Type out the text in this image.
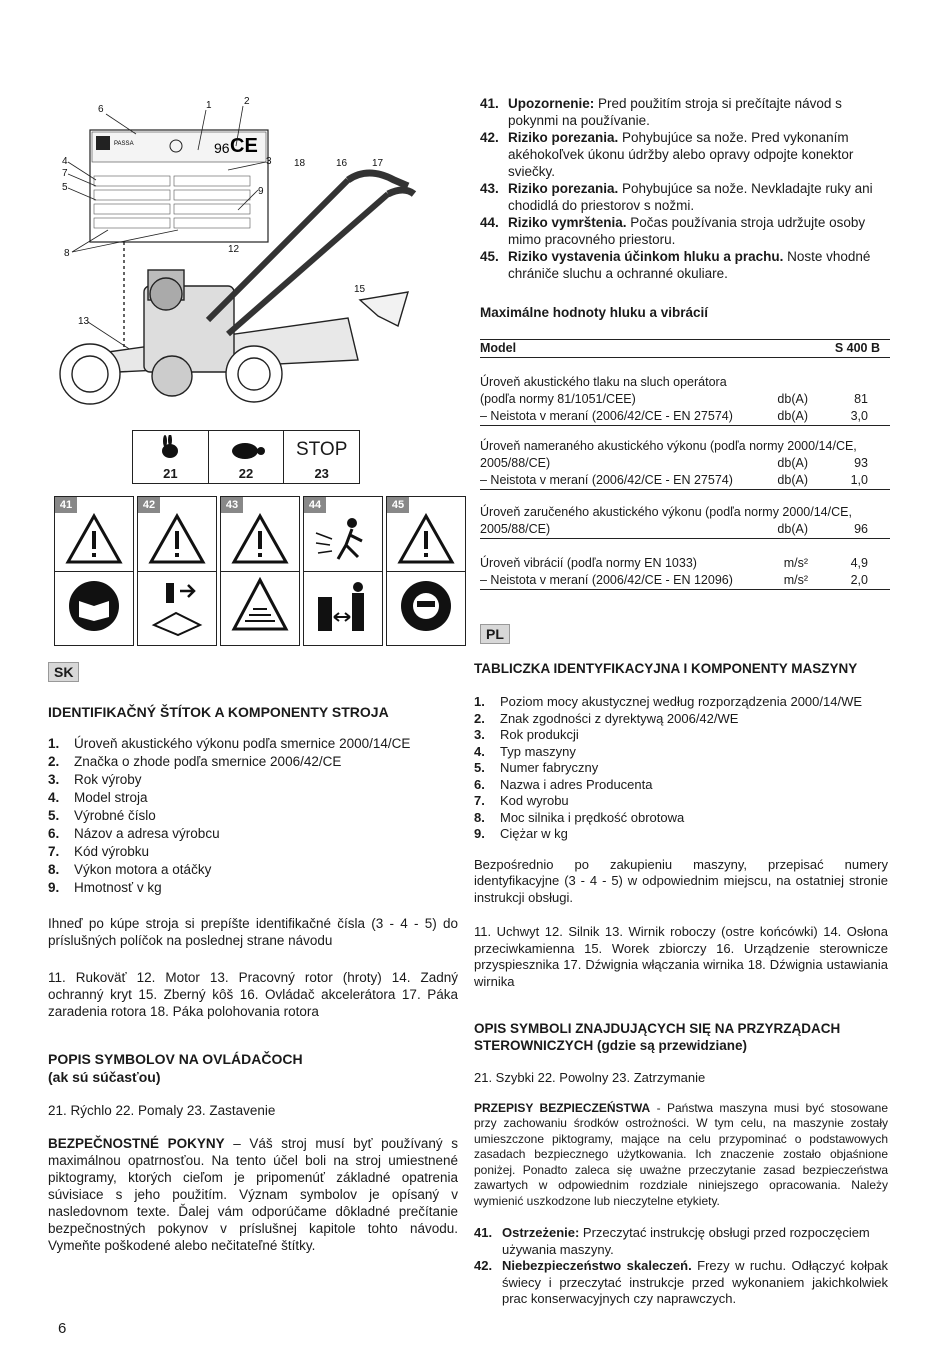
PASSA	96 CE
6	1	2
3
4
7
5	9
8	12
18	16 17
15
13
21	22
STOP
23
41	42	43	44	45
SK
IDENTIFIKAČNÝ ŠTÍTOK A KOMPONENTY STROJA
1.	Úroveň akustického výkonu podľa smernice 2000/14/CE
2.	Značka o zhode podľa smernice 2006/42/CE
3.	Rok výroby
4.	Model stroja
5.	Výrobné číslo
6.	Názov a adresa výrobcu
7.	Kód výrobku
8.	Výkon motora a otáčky
9.	Hmotnosť v kg

Ihneď po kúpe stroja si prepíšte identifikačné čísla (3 - 4 - 5) do príslušných políčok na poslednej strane návodu

11. Rukoväť 12. Motor 13. Pracovný rotor (hroty) 14. Zadný ochranný kryt 15. Zberný kôš 16. Ovládač akcelerátora 17. Páka zaradenia rotora 18. Páka polohovania rotora

POPIS SYMBOLOV NA OVLÁDAČOCH
(ak sú súčasťou)

21. Rýchlo 22. Pomaly 23. Zastavenie

BEZPEČNOSTNÉ POKYNY – Váš stroj musí byť používaný s maximálnou opatrnosťou. Na tento účel boli na stroj umiestnené piktogramy, ktorých cieľom je pripomenúť základné opatrenia súvisiace s jeho použitím. Význam symbolov je opísaný v nasledovnom texte. Ďalej vám odporúčame dôkladné prečítanie bezpečnostných pokynov v príslušnej kapitole tohto návodu. Vymeňte poškodené alebo nečitateľné štítky.

6
41. Upozornenie: Pred použitím stroja si prečítajte návod s pokynmi na používanie.
42. Riziko porezania. Pohybujúce sa nože. Pred vykonaním akéhokoľvek úkonu údržby alebo opravy odpojte konektor sviečky.
43. Riziko porezania. Pohybujúce sa nože. Nevkladajte ruky ani chodidlá do priestorov s nožmi.
44. Riziko vymrštenia. Počas používania stroja udržujte osoby mimo pracovného priestoru.
45. Riziko vystavenia účinkom hluku a prachu. Noste vhodné chrániče sluchu a ochranné okuliare.
Maximálne hodnoty hluku a vibrácií
Model	S 400 B
Úroveň akustického tlaku na sluch operátora
(podľa normy 81/1051/CEE)	db(A)	81
– Neistota v meraní (2006/42/CE - EN 27574)	db(A)	3,0
Úroveň nameraného akustického výkonu (podľa normy 2000/14/CE,
2005/88/CE)	db(A)	93
– Neistota v meraní (2006/42/CE - EN 27574)	db(A)	1,0
Úroveň zaručeného akustického výkonu (podľa normy 2000/14/CE,
2005/88/CE)	db(A)	96
Úroveň vibrácií (podľa normy EN 1033)	m/s²	4,9
– Neistota v meraní (2006/42/CE - EN 12096)	m/s²	2,0
PL
TABLICZKA IDENTYFIKACYJNA I KOMPONENTY MASZYNY
1.	Poziom mocy akustycznej według rozporządzenia 2000/14/WE
2.	Znak zgodności z dyrektywą 2006/42/WE
3.	Rok produkcji
4.	Typ maszyny
5.	Numer fabryczny
6.	Nazwa i adres Producenta
7.	Kod wyrobu
8.	Moc silnika i prędkość obrotowa
9.	Ciężar w kg

Bezpośrednio po zakupieniu maszyny, przepisać numery identyfikacyjne (3 - 4 - 5) w odpowiednim miejscu, na ostatniej stronie instrukcji obsługi.

11. Uchwyt 12. Silnik 13. Wirnik roboczy (ostre końcówki) 14. Osłona przeciwkamienna 15. Worek zbiorczy 16. Urządzenie sterownicze przyspiesznika 17. Dźwignia włączania wirnika 18. Dźwignia ustawiania wirnika

OPIS SYMBOLI ZNAJDUJĄCYCH SIĘ NA PRZYRZĄDACH
STEROWNICZYCH (gdzie są przewidziane)

21. Szybki 22. Powolny 23. Zatrzymanie

PRZEPISY BEZPIECZEŃSTWA - Państwa maszyna musi być stosowane przy zachowaniu środków ostrożności. W tym celu, na maszynie zostały umieszczone piktogramy, mające na celu przypominać o podstawowych zasadach bezpiecznego użytkowania. Ich znaczenie zostało objaśnione poniżej. Ponadto zaleca się uważne przeczytanie zasad bezpieczeństwa zawartych w odpowiednim rozdziale niniejszego opracowania. Należy wymienić uszkodzone lub nieczytelne etykiety.

41. Ostrzeżenie: Przeczytać instrukcję obsługi przed rozpoczęciem używania maszyny.
42. Niebezpieczeństwo skaleczeń. Frezy w ruchu. Odłączyć kołpak świecy i przeczytać instrukcje przed wykonaniem jakichkolwiek prac konserwacyjnych czy naprawczych.
